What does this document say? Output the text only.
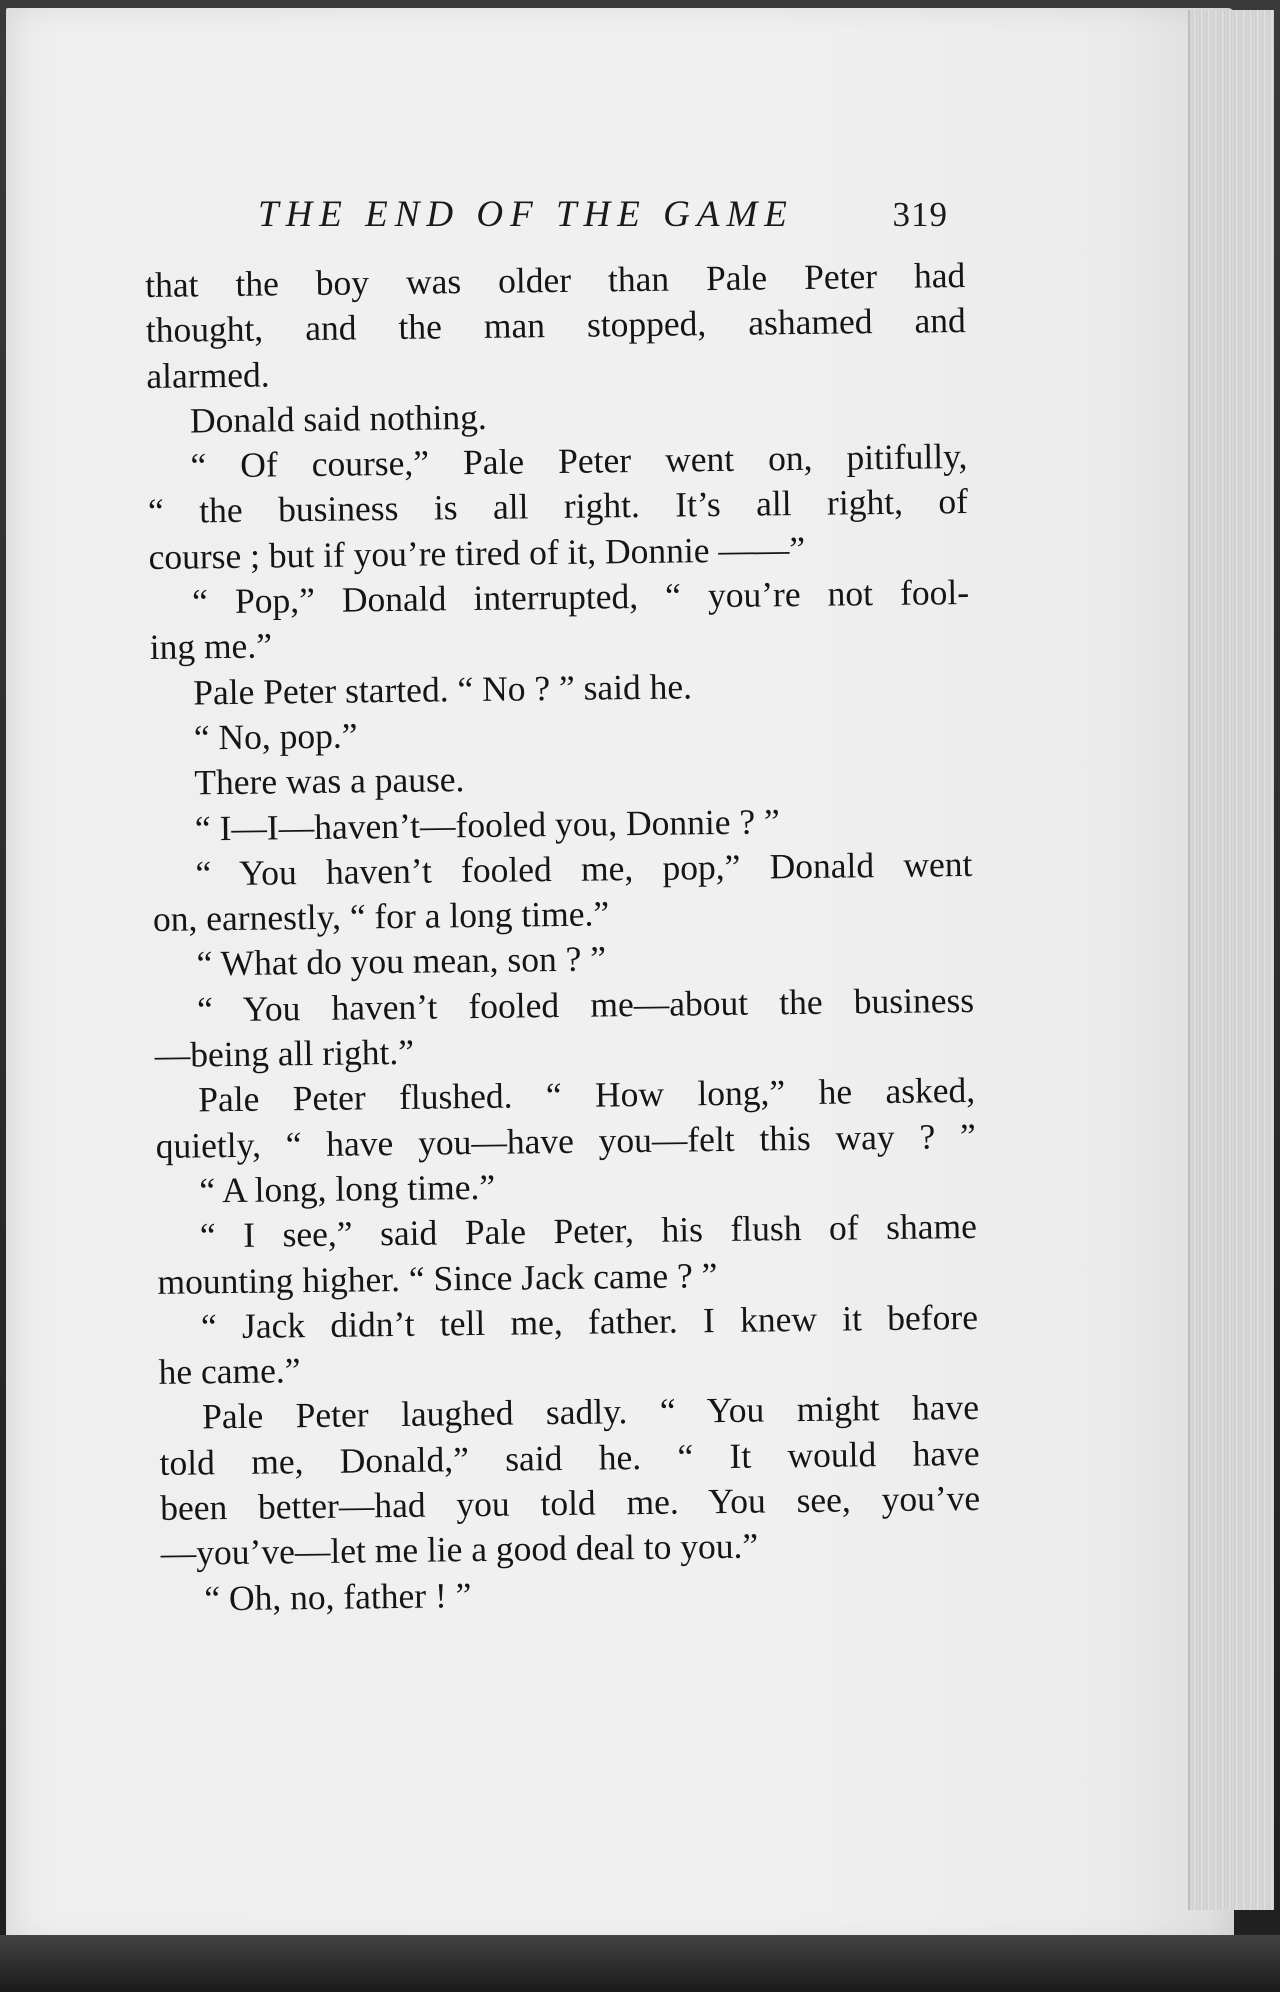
THE END OF THE GAME	319
that the boy was older than Pale Peter had
thought, and the man stopped, ashamed and
alarmed.
Donald said nothing.
“ Of course,” Pale Peter went on, pitifully,
“ the business is all right. It’s all right, of
course ; but if you’re tired of it, Donnie ——”
“ Pop,” Donald interrupted, “ you’re not fool-
ing me.”
Pale Peter started. “ No ? ” said he.
“ No, pop.”
There was a pause.
“ I—I—haven’t—fooled you, Donnie ? ”
“ You haven’t fooled me, pop,” Donald went
on, earnestly, “ for a long time.”
“ What do you mean, son ? ”
“ You haven’t fooled me—about the business
—being all right.”
Pale Peter flushed. “ How long,” he asked,
quietly, “ have you—have you—felt this way ? ”
“ A long, long time.”
“ I see,” said Pale Peter, his flush of shame
mounting higher. “ Since Jack came ? ”
“ Jack didn’t tell me, father. I knew it before
he came.”
Pale Peter laughed sadly. “ You might have
told me, Donald,” said he. “ It would have
been better—had you told me. You see, you’ve
—you’ve—let me lie a good deal to you.”
“ Oh, no, father ! ”
